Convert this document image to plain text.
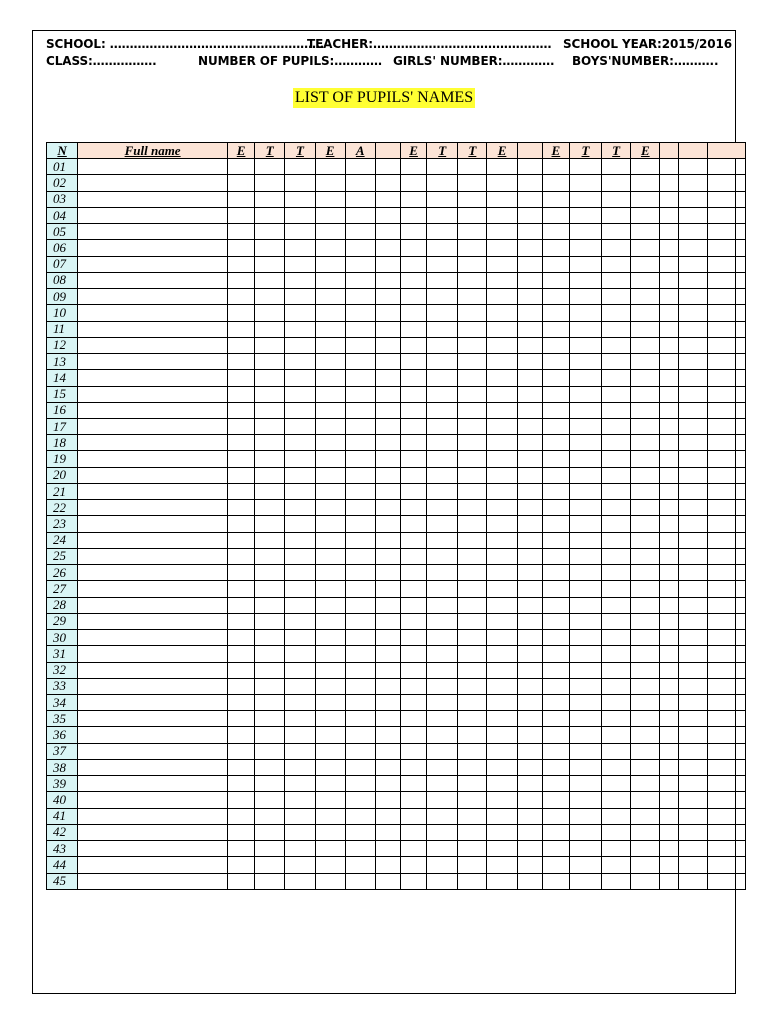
SCHOOL: ………………………………………………
TEACHER:……………………………………… SCHOOL YEAR:2015/2016
CLASS:…………….	NUMBER OF PUPILS:………… GIRLS' NUMBER:…………. BOYS'NUMBER:………..
LIST OF PUPILS' NAMES
N	Full name	E	T	T	E	A		E	T	T	E		E	T	T	E			
01																			
02																			
03																			
04																			
05																			
06																			
07																			
08																			
09																			
10																			
11																			
12																			
13																			
14																			
15																			
16																			
17																			
18																			
19																			
20																			
21																			
22																			
23																			
24																			
25																			
26																			
27																			
28																			
29																			
30																			
31																			
32																			
33																			
34																			
35																			
36																			
37																			
38																			
39																			
40																			
41																			
42																			
43																			
44																			
45																			
